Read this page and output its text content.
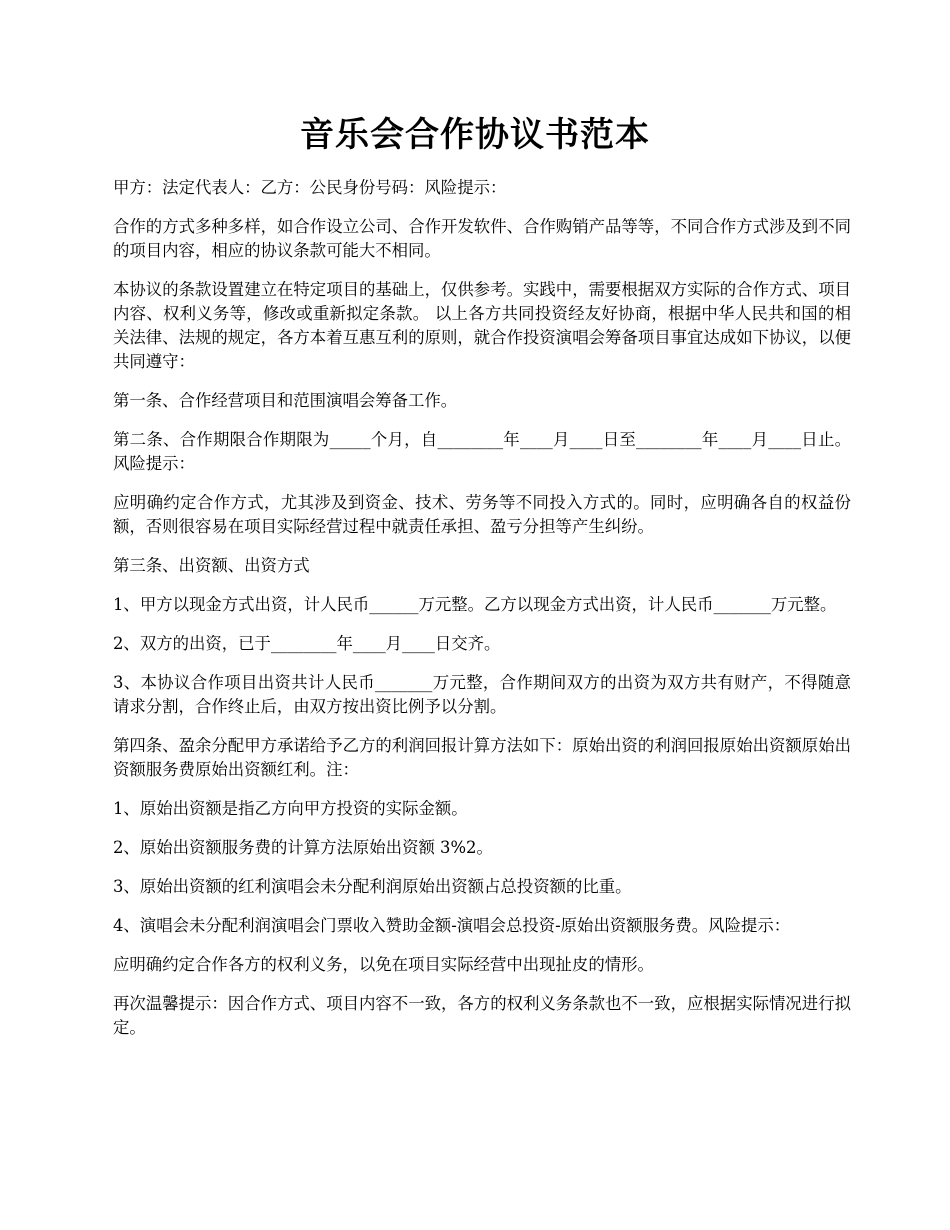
音乐会合作协议书范本

甲方：法定代表人：乙方：公民身份号码：风险提示：

合作的方式多种多样，如合作设立公司、合作开发软件、合作购销产品等等，不同合作方式涉及到不同的项目内容，相应的协议条款可能大不相同。

本协议的条款设置建立在特定项目的基础上，仅供参考。实践中，需要根据双方实际的合作方式、项目内容、权利义务等，修改或重新拟定条款。 以上各方共同投资经友好协商，根据中华人民共和国的相关法律、法规的规定，各方本着互惠互利的原则，就合作投资演唱会筹备项目事宜达成如下协议，以便共同遵守：

第一条、合作经营项目和范围演唱会筹备工作。

第二条、合作期限合作期限为_____个月，自________年____月____日至________年____月____日止。风险提示：

应明确约定合作方式，尤其涉及到资金、技术、劳务等不同投入方式的。同时，应明确各自的权益份额，否则很容易在项目实际经营过程中就责任承担、盈亏分担等产生纠纷。

第三条、出资额、出资方式

1、甲方以现金方式出资，计人民币______万元整。乙方以现金方式出资，计人民币_______万元整。

2、双方的出资，已于________年____月____日交齐。

3、本协议合作项目出资共计人民币_______万元整，合作期间双方的出资为双方共有财产，不得随意请求分割，合作终止后，由双方按出资比例予以分割。

第四条、盈余分配甲方承诺给予乙方的利润回报计算方法如下：原始出资的利润回报原始出资额原始出资额服务费原始出资额红利。注：

1、原始出资额是指乙方向甲方投资的实际金额。

2、原始出资额服务费的计算方法原始出资额 3%2。

3、原始出资额的红利演唱会未分配利润原始出资额占总投资额的比重。

4、演唱会未分配利润演唱会门票收入赞助金额-演唱会总投资-原始出资额服务费。风险提示：

应明确约定合作各方的权利义务，以免在项目实际经营中出现扯皮的情形。

再次温馨提示：因合作方式、项目内容不一致，各方的权利义务条款也不一致，应根据实际情况进行拟定。
